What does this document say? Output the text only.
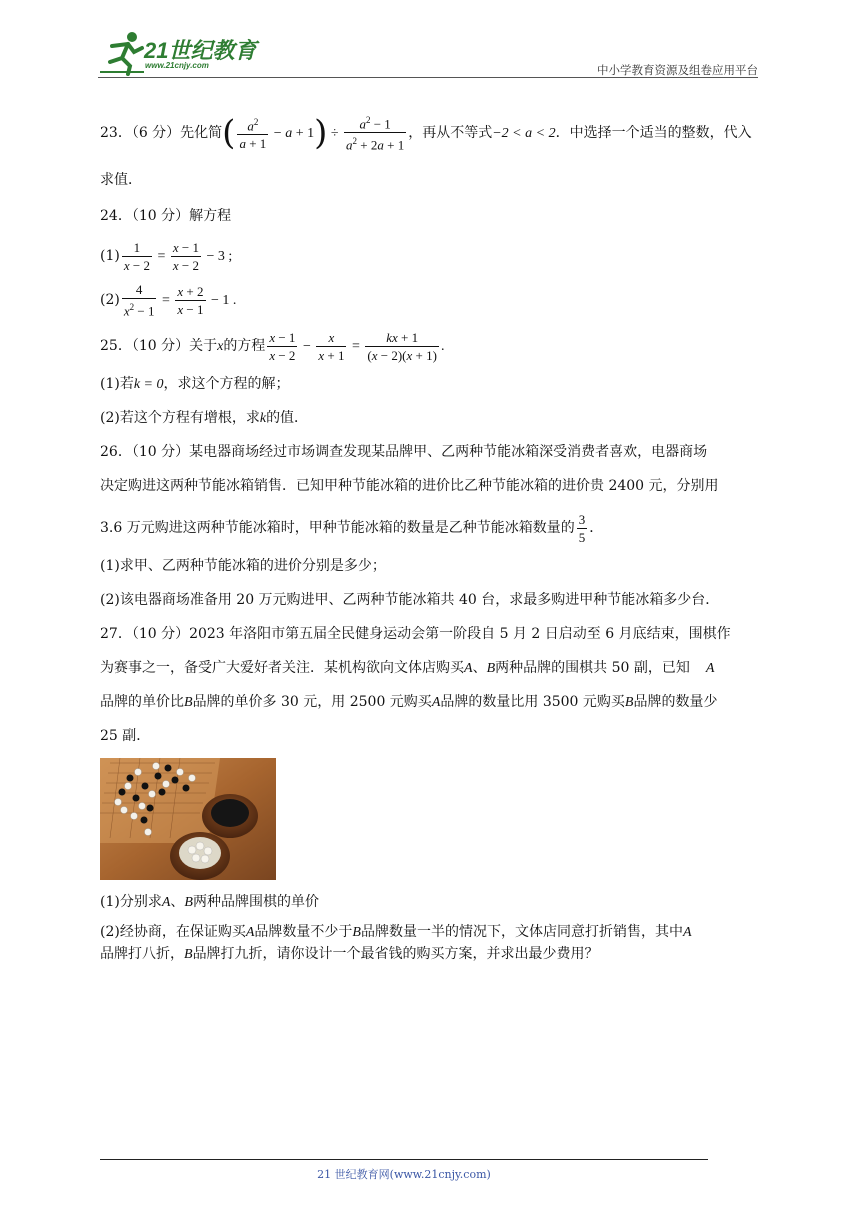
21世纪教育
www.21cnjy.com	中小学教育资源及组卷应用平台
23．（6 分）先化简( $\frac{a^2}{a + 1} - a + 1) \div \frac{a^2 - 1}{a^2 + 2a + 1}$ ，再从不等式−2 < a < 2．中选择一个适当的整数，代入
求值．
24．（10 分）解方程
$(1) \frac{1}{x - 2} = \frac{x - 1}{x - 2} - 3$ ;
$(2) \frac{4}{x^2 - 1} = \frac{x + 2}{x - 1} - 1$ .
25．（10 分）关于x的方程 $\frac{x - 1}{x - 2} - \frac{x}{x + 1} = \frac{kx + 1}{(x - 2)(x + 1)}$ .
(1)若k = 0，求这个方程的解；
(2)若这个方程有增根，求k的值．
26．（10 分）某电器商场经过市场调查发现某品牌甲、乙两种节能冰箱深受消费者喜欢，电器商场
决定购进这两种节能冰箱销售．已知甲种节能冰箱的进价比乙种节能冰箱的进价贵 2400 元，分别用
3.6 万元购进这两种节能冰箱时，甲种节能冰箱的数量是乙种节能冰箱数量的 $\frac{3}{5}$ ．
(1)求甲、乙两种节能冰箱的进价分别是多少；
(2)该电器商场准备用 20 万元购进甲、乙两种节能冰箱共 40 台，求最多购进甲种节能冰箱多少台．
27．（10 分）2023 年洛阳市第五届全民健身运动会第一阶段自 5 月 2 日启动至 6 月底结束，围棋作
为赛事之一，备受广大爱好者关注．某机构欲向文体店购买A、B两种品牌的围棋共 50 副，已知 A
品牌的单价比B品牌的单价多 30 元，用 2500 元购买A品牌的数量比用 3500 元购买B品牌的数量少
25 副．
(1)分别求A、B两种品牌围棋的单价
(2)经协商，在保证购买A品牌数量不少于B品牌数量一半的情况下，文体店同意打折销售，其中A
品牌打八折，B品牌打九折，请你设计一个最省钱的购买方案，并求出最少费用？
21 世纪教育网(www.21cnjy.com)
